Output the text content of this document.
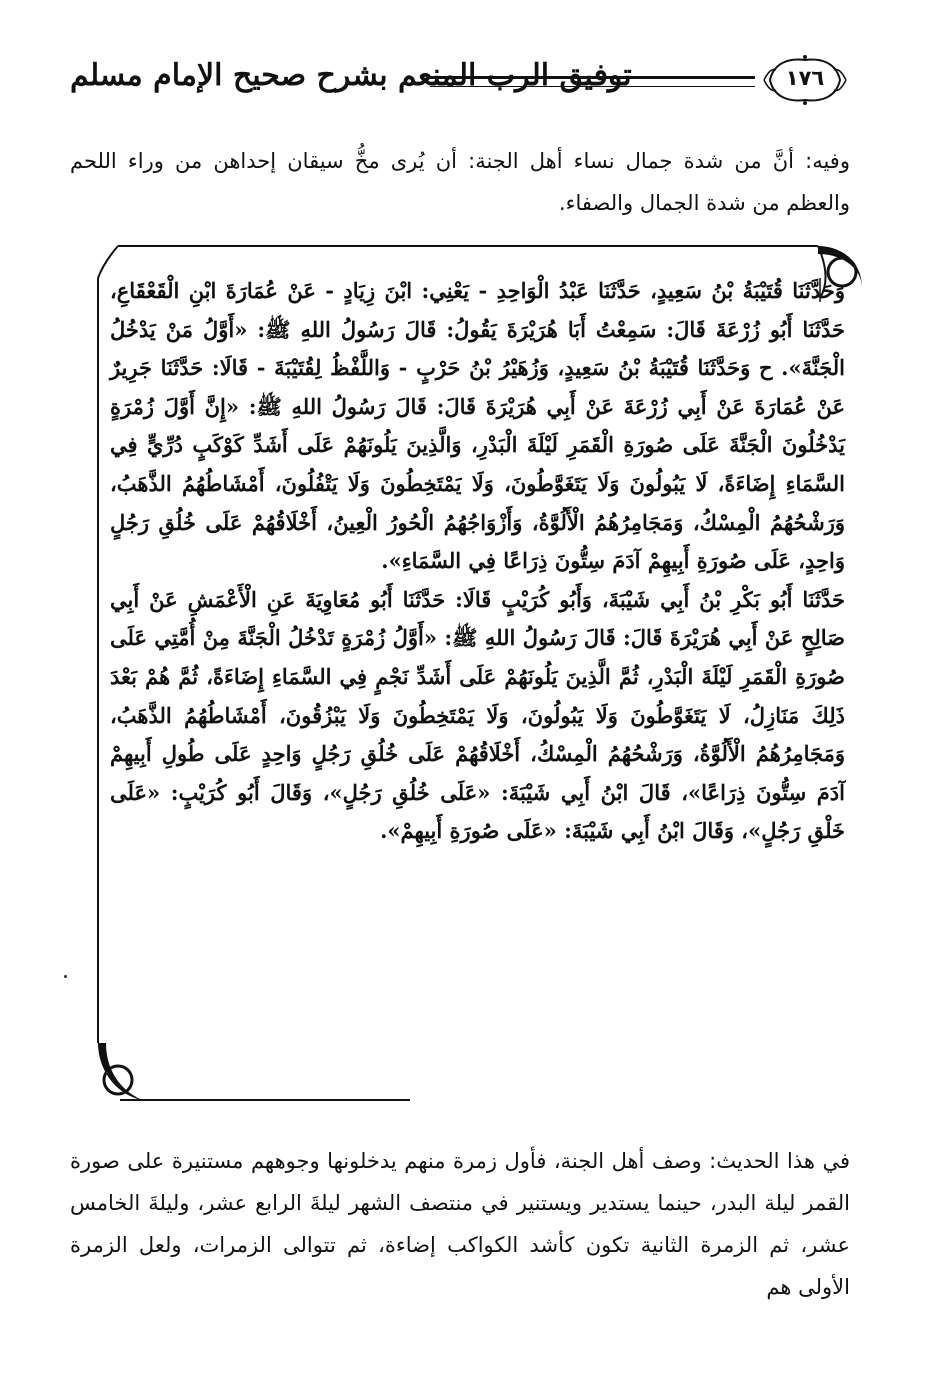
توفيق الرب المنعم بشرح صحيح الإمام مسلم	١٧٦
وفيه: أنَّ من شدة جمال نساء أهل الجنة: أن يُرى مخُّ سيقان إحداهن من وراء اللحم والعظم من شدة الجمال والصفاء.

وَحَدَّثَنَا قُتَيْبَةُ بْنُ سَعِيدٍ، حَدَّثَنَا عَبْدُ الْوَاحِدِ - يَعْنِي: ابْنَ زِيَادٍ - عَنْ عُمَارَةَ ابْنِ الْقَعْقَاعِ، حَدَّثَنَا أَبُو زُرْعَةَ قَالَ: سَمِعْتُ أَبَا هُرَيْرَةَ يَقُولُ: قَالَ رَسُولُ اللهِ ﷺ: «أَوَّلُ مَنْ يَدْخُلُ الْجَنَّةَ». ح وَحَدَّثَنَا قُتَيْبَةُ بْنُ سَعِيدٍ، وَزُهَيْرُ بْنُ حَرْبٍ - وَاللَّفْظُ لِقُتَيْبَةَ - قَالَا: حَدَّثَنَا جَرِيرٌ عَنْ عُمَارَةَ عَنْ أَبِي زُرْعَةَ عَنْ أَبِي هُرَيْرَةَ قَالَ: قَالَ رَسُولُ اللهِ ﷺ: «إِنَّ أَوَّلَ زُمْرَةٍ يَدْخُلُونَ الْجَنَّةَ عَلَى صُورَةِ الْقَمَرِ لَيْلَةَ الْبَدْرِ، وَالَّذِينَ يَلُونَهُمْ عَلَى أَشَدِّ كَوْكَبٍ دُرِّيٍّ فِي السَّمَاءِ إِضَاءَةً، لَا يَبُولُونَ وَلَا يَتَغَوَّطُونَ، وَلَا يَمْتَخِطُونَ وَلَا يَتْفُلُونَ، أَمْشَاطُهُمُ الذَّهَبُ، وَرَشْحُهُمُ الْمِسْكُ، وَمَجَامِرُهُمُ الْأَلُوَّةُ، وَأَزْوَاجُهُمُ الْحُورُ الْعِينُ، أَخْلَاقُهُمْ عَلَى خُلُقِ رَجُلٍ وَاحِدٍ، عَلَى صُورَةِ أَبِيهِمْ آدَمَ سِتُّونَ ذِرَاعًا فِي السَّمَاءِ».

حَدَّثَنَا أَبُو بَكْرِ بْنُ أَبِي شَيْبَةَ، وَأَبُو كُرَيْبٍ قَالَا: حَدَّثَنَا أَبُو مُعَاوِيَةَ عَنِ الْأَعْمَشِ عَنْ أَبِي صَالِحٍ عَنْ أَبِي هُرَيْرَةَ قَالَ: قَالَ رَسُولُ اللهِ ﷺ: «أَوَّلُ زُمْرَةٍ تَدْخُلُ الْجَنَّةَ مِنْ أُمَّتِي عَلَى صُورَةِ الْقَمَرِ لَيْلَةَ الْبَدْرِ، ثُمَّ الَّذِينَ يَلُونَهُمْ عَلَى أَشَدِّ نَجْمٍ فِي السَّمَاءِ إِضَاءَةً، ثُمَّ هُمْ بَعْدَ ذَلِكَ مَنَازِلُ، لَا يَتَغَوَّطُونَ وَلَا يَبُولُونَ، وَلَا يَمْتَخِطُونَ وَلَا يَبْزُقُونَ، أَمْشَاطُهُمُ الذَّهَبُ، وَمَجَامِرُهُمُ الْأَلُوَّةُ، وَرَشْحُهُمُ الْمِسْكُ، أَخْلَاقُهُمْ عَلَى خُلُقِ رَجُلٍ وَاحِدٍ عَلَى طُولِ أَبِيهِمْ آدَمَ سِتُّونَ ذِرَاعًا»، قَالَ ابْنُ أَبِي شَيْبَةَ: «عَلَى خُلُقِ رَجُلٍ»، وَقَالَ أَبُو كُرَيْبٍ: «عَلَى خَلْقِ رَجُلٍ»، وَقَالَ ابْنُ أَبِي شَيْبَةَ: «عَلَى صُورَةِ أَبِيهِمْ».

في هذا الحديث: وصف أهل الجنة، فأول زمرة منهم يدخلونها وجوههم مستنيرة على صورة القمر ليلة البدر، حينما يستدير ويستنير في منتصف الشهر ليلةَ الرابع عشر، وليلةَ الخامس عشر، ثم الزمرة الثانية تكون كأشد الكواكب إضاءة، ثم تتوالى الزمرات، ولعل الزمرة الأولى هم
